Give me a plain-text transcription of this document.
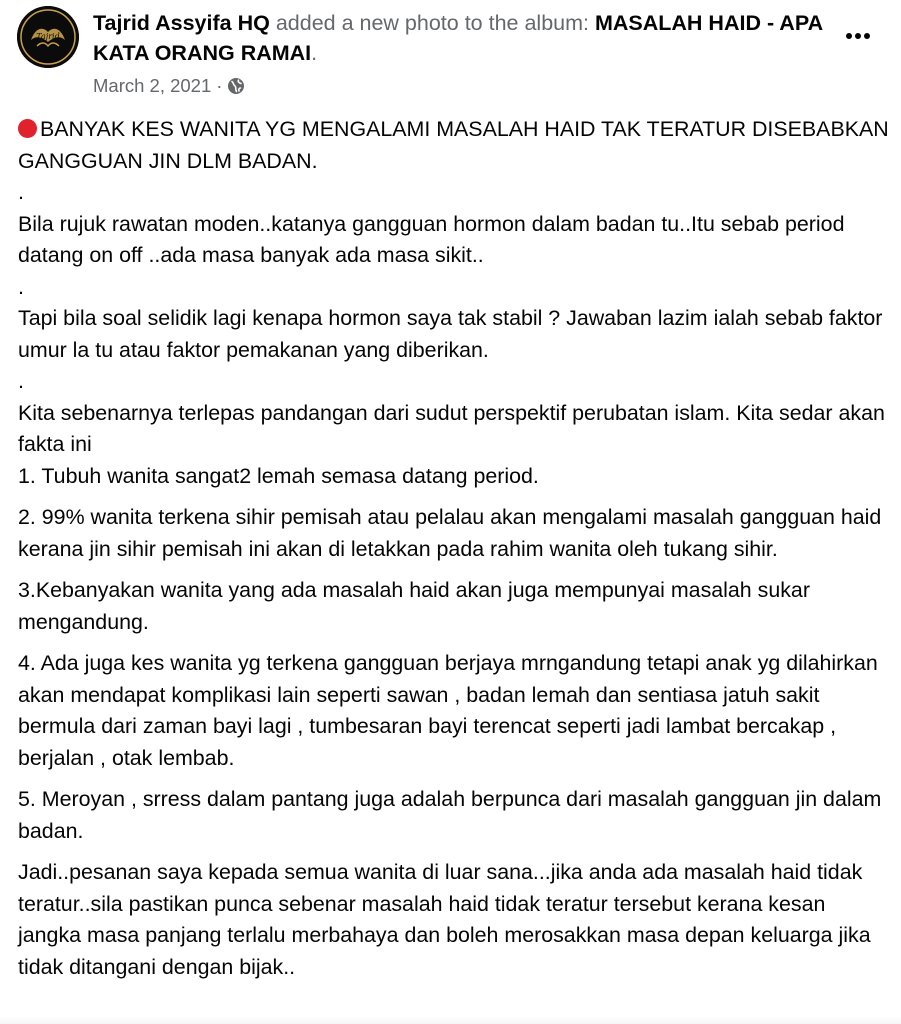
Tajrid
Tajrid Assyifa HQ added a new photo to the album: MASALAH HAID - APA KATA ORANG RAMAI.
March 2, 2021 ·

BANYAK KES WANITA YG MENGALAMI MASALAH HAID TAK TERATUR DISEBABKAN GANGGUAN JIN DLM BADAN.

.

Bila rujuk rawatan moden..katanya gangguan hormon dalam badan tu..Itu sebab period datang on off ..ada masa banyak ada masa sikit..

.

Tapi bila soal selidik lagi kenapa hormon saya tak stabil ? Jawaban lazim ialah sebab faktor umur la tu atau faktor pemakanan yang diberikan.

.

Kita sebenarnya terlepas pandangan dari sudut perspektif perubatan islam. Kita sedar akan fakta ini

1. Tubuh wanita sangat2 lemah semasa datang period.

2. 99% wanita terkena sihir pemisah atau pelalau akan mengalami masalah gangguan haid kerana jin sihir pemisah ini akan di letakkan pada rahim wanita oleh tukang sihir.

3.Kebanyakan wanita yang ada masalah haid akan juga mempunyai masalah sukar mengandung.

4. Ada juga kes wanita yg terkena gangguan berjaya mrngandung tetapi anak yg dilahirkan akan mendapat komplikasi lain seperti sawan , badan lemah dan sentiasa jatuh sakit bermula dari zaman bayi lagi , tumbesaran bayi terencat seperti jadi lambat bercakap , berjalan , otak lembab.

5. Meroyan , srress dalam pantang juga adalah berpunca dari masalah gangguan jin dalam badan.

Jadi..pesanan saya kepada semua wanita di luar sana...jika anda ada masalah haid tidak teratur..sila pastikan punca sebenar masalah haid tidak teratur tersebut kerana kesan jangka masa panjang terlalu merbahaya dan boleh merosakkan masa depan keluarga jika tidak ditangani dengan bijak..
